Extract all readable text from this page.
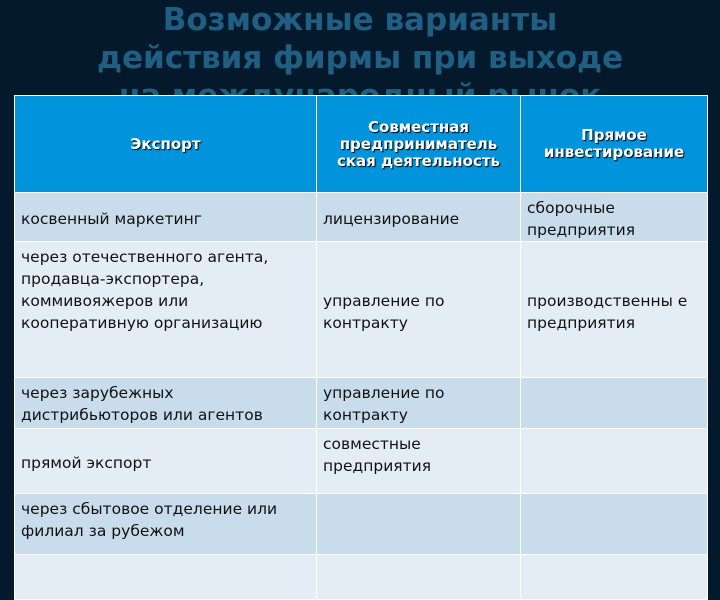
Возможные варианты
действия фирмы при выходе
Экспорт	Совместная предприниматель ская деятельность	Прямое инвестирование
косвенный маркетинг	лицензирование	сборочные предприятия
через отечественного агента, продавца-экспортера, коммивояжеров или кооперативную организацию	управление по контракту	производственны е предприятия
через зарубежных дистрибьюторов или агентов	управление по контракту	
прямой экспорт	совместные предприятия	
через сбытовое отделение или филиал за рубежом		
